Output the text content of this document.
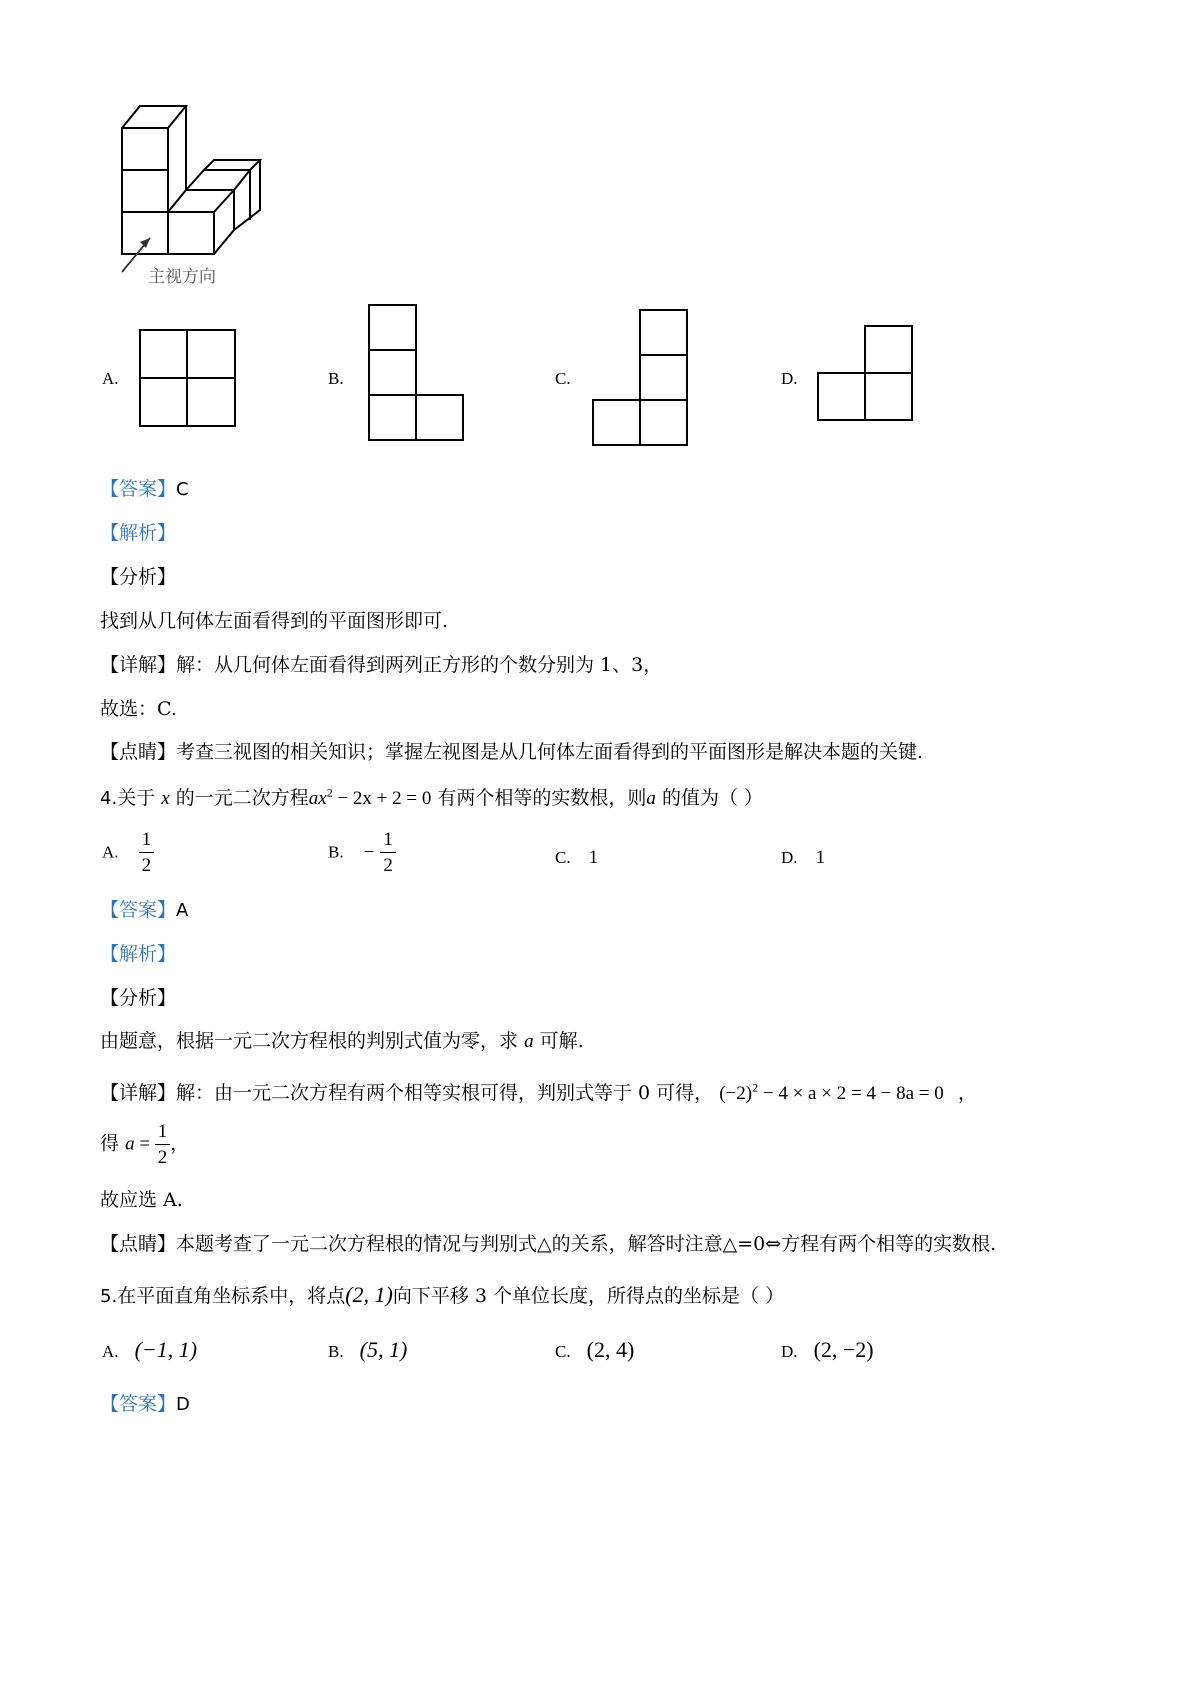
主视方向
A.	B.	C.	D.
【答案】C
【解析】
【分析】
找到从几何体左面看得到的平面图形即可.
【详解】解：从几何体左面看得到两列正方形的个数分别为 1、3，
故选：C.
【点睛】考查三视图的相关知识；掌握左视图是从几何体左面看得到的平面图形是解决本题的关键.
4.关于 x 的一元二次方程$ax^2 - 2x + 2 = 0$ 有两个相等的实数根，则a 的值为（ ）
A. $\frac{1}{2}$	B. − $\frac{1}{2}$	C. 1	D. 1
【答案】A
【解析】
【分析】
由题意，根据一元二次方程根的判别式值为零，求 a 可解.
【详解】解：由一元二次方程有两个相等实根可得，判别式等于 0 可得， $(-2)^2 - 4 \times a \times 2 = 4 - 8a = 0$ ，
得 $a = \frac{1}{2}$ ，
故应选 A.
【点睛】本题考查了一元二次方程根的情况与判别式△的关系，解答时注意△=0⇔方程有两个相等的实数根.
5.在平面直角坐标系中，将点(2, 1)向下平移 3 个单位长度，所得点的坐标是（ ）
A. (−1, 1)	B. (5, 1)	C. (2, 4)	D. (2, −2)
【答案】D
